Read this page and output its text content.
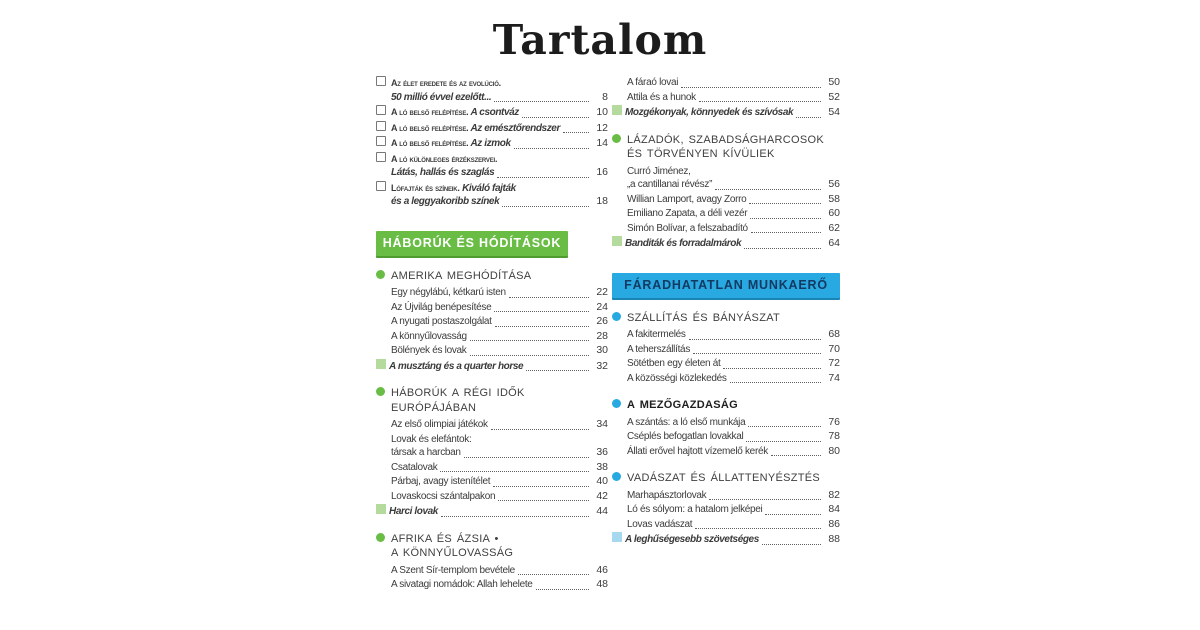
Tartalom
Az élet eredete és az evolúció.
50 millió évvel ezelőtt...	8
A ló belső felépítése. A csontváz	10
A ló belső felépítése. Az emésztőrendszer	12
A ló belső felépítése. Az izmok	14
A ló különleges érzékszervei.
Látás, hallás és szaglás	16
Lófajták és színeik. Kiváló fajták
és a leggyakoribb színek	18
HÁBORÚK ÉS HÓDÍTÁSOK
AMERIKA MEGHÓDÍTÁSA
Egy négylábú, kétkarú isten	22
Az Újvilág benépesítése	24
A nyugati postaszolgálat	26
A könnyűlovasság	28
Bölények és lovak	30
A musztáng és a quarter horse	32
HÁBORÚK A RÉGI IDŐK
EURÓPÁJÁBAN
Az első olimpiai játékok	34
Lovak és elefántok:
társak a harcban	36
Csatalovak	38
Párbaj, avagy istenítélet	40
Lovaskocsi szántalpakon	42
Harci lovak	44
AFRIKA ÉS ÁZSIA •
A KÖNNYŰLOVASSÁG
A Szent Sír-templom bevétele	46
A sivatagi nomádok: Allah lehelete	48
A fáraó lovai	50
Attila és a hunok	52
Mozgékonyak, könnyedek és szívósak	54
LÁZADÓK, SZABADSÁGHARCOSOK
ÉS TÖRVÉNYEN KÍVÜLIEK
Curró Jiménez,
„a cantillanai révész”	56
Willian Lamport, avagy Zorro	58
Emiliano Zapata, a déli vezér	60
Simón Bolívar, a felszabadító	62
Banditák és forradalmárok	64
FÁRADHATATLAN MUNKAERŐ
SZÁLLÍTÁS ÉS BÁNYÁSZAT
A fakitermelés	68
A teherszállítás	70
Sötétben egy életen át	72
A közösségi közlekedés	74
A MEZŐGAZDASÁG
A szántás: a ló első munkája	76
Cséplés befogatlan lovakkal	78
Állati erővel hajtott vízemelő kerék	80
VADÁSZAT ÉS ÁLLATTENYÉSZTÉS
Marhapásztorlovak	82
Ló és sólyom: a hatalom jelképei	84
Lovas vadászat	86
A leghűségesebb szövetséges	88
